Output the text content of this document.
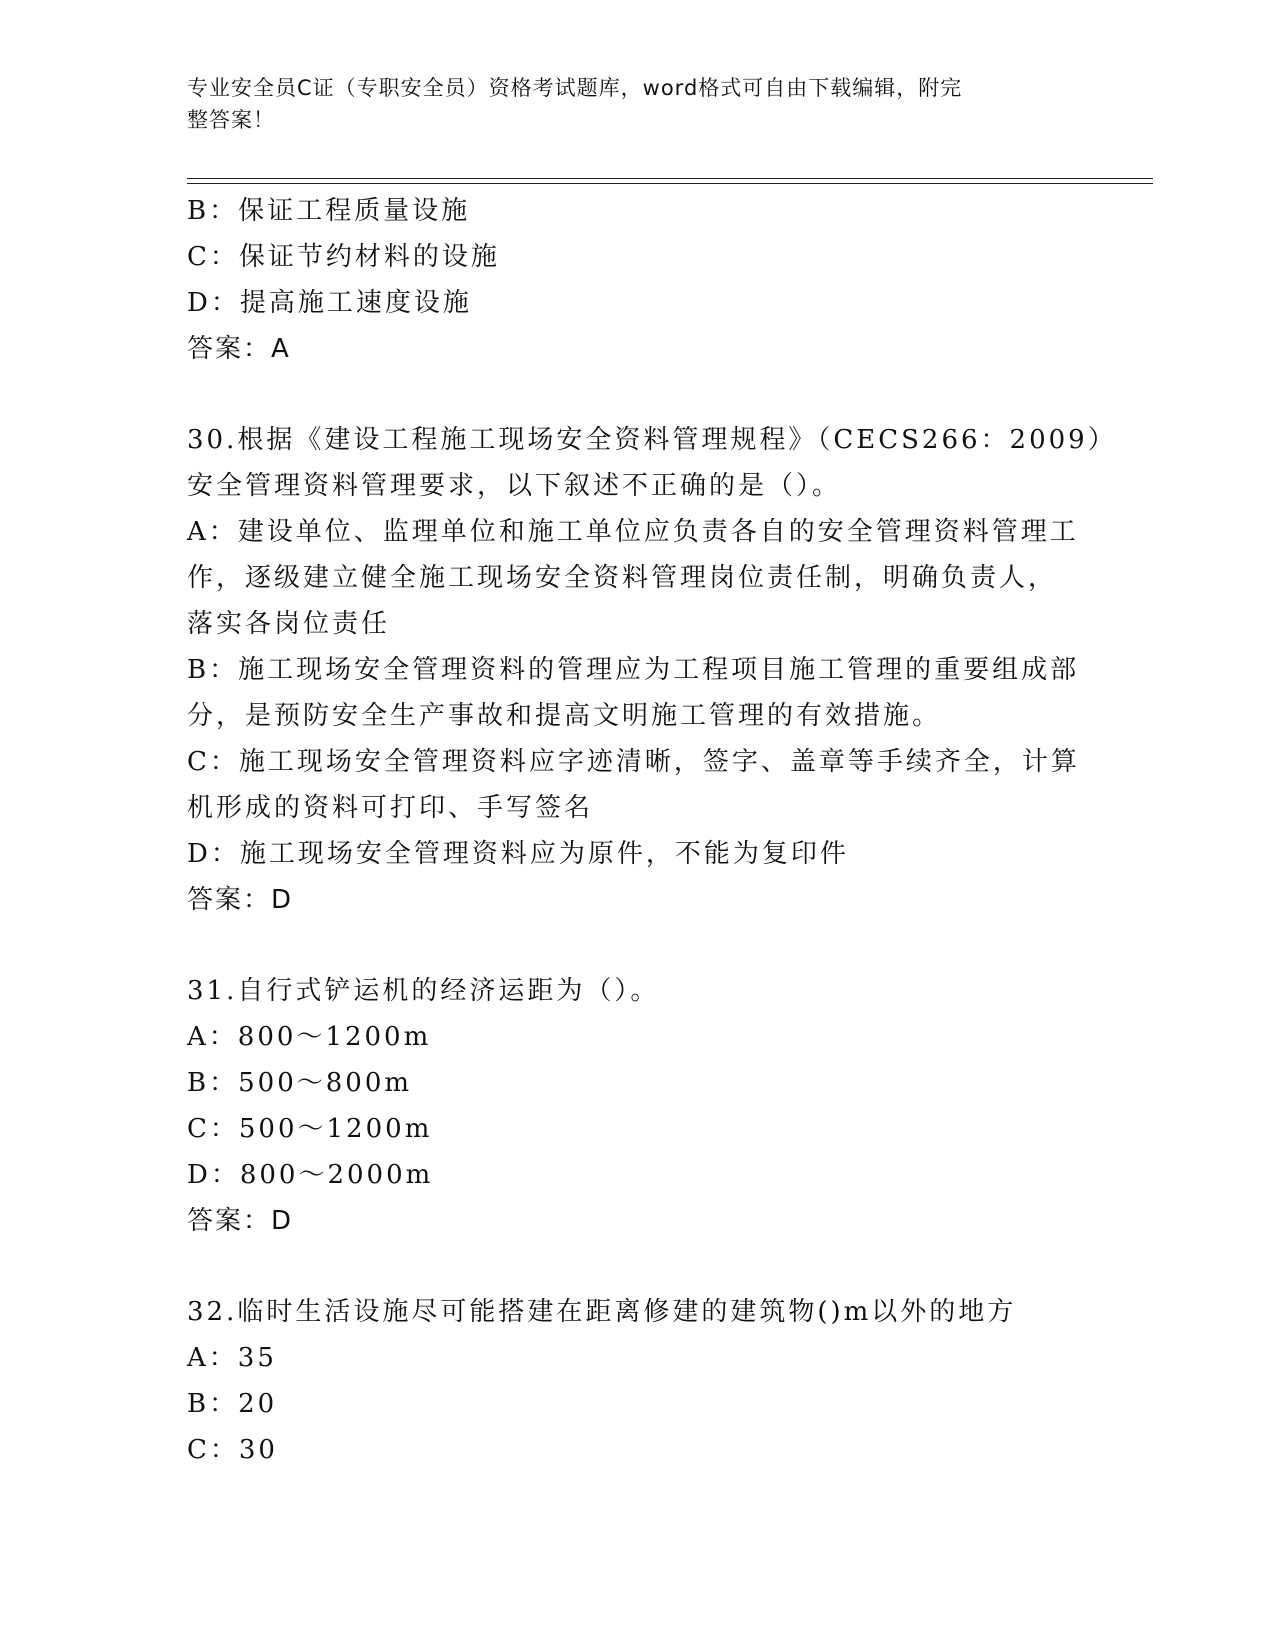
专业安全员C证（专职安全员）资格考试题库，word格式可自由下载编辑，附完
整答案！
B：保证工程质量设施
C：保证节约材料的设施
D：提高施工速度设施
答案：A
30.根据《建设工程施工现场安全资料管理规程》（CECS266：2009）
安全管理资料管理要求，以下叙述不正确的是（）。
A：建设单位、监理单位和施工单位应负责各自的安全管理资料管理工
作，逐级建立健全施工现场安全资料管理岗位责任制，明确负责人，
落实各岗位责任
B：施工现场安全管理资料的管理应为工程项目施工管理的重要组成部
分，是预防安全生产事故和提高文明施工管理的有效措施。
C：施工现场安全管理资料应字迹清晰，签字、盖章等手续齐全，计算
机形成的资料可打印、手写签名
D：施工现场安全管理资料应为原件，不能为复印件
答案：D
31.自行式铲运机的经济运距为（）。
A：800～1200m
B：500～800m
C：500～1200m
D：800～2000m
答案：D
32.临时生活设施尽可能搭建在距离修建的建筑物()m以外的地方
A：35
B：20
C：30
